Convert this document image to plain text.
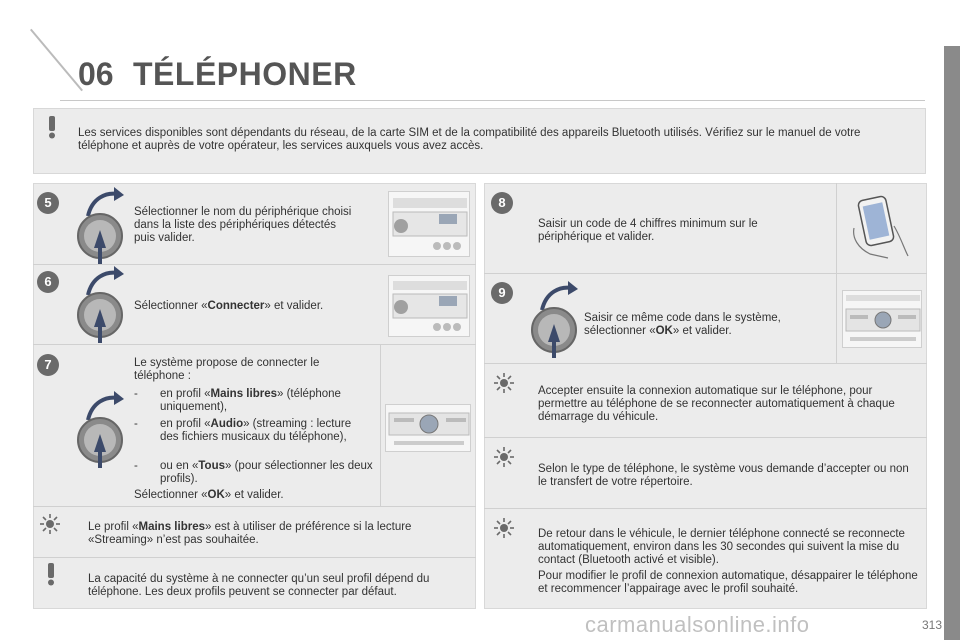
06 TÉLÉPHONER
Les services disponibles sont dépendants du réseau, de la carte SIM et de la compatibilité des appareils Bluetooth utilisés. Vérifiez sur le manuel de votre téléphone et auprès de votre opérateur, les services auxquels vous avez accès.
5
Sélectionner le nom du périphérique choisi dans la liste des périphériques détectés puis valider.
6
Sélectionner «Connecter» et valider.
7	Le système propose de connecter le téléphone :
- en profil «Mains libres» (téléphone uniquement),
- en profil «Audio» (streaming : lecture des fichiers musicaux du téléphone),
- ou en «Tous» (pour sélectionner les deux profils).
Sélectionner «OK» et valider.
Le profil «Mains libres» est à utiliser de préférence si la lecture «Streaming» n’est pas souhaitée.
La capacité du système à ne connecter qu’un seul profil dépend du téléphone. Les deux profils peuvent se connecter par défaut.
8
Saisir un code de 4 chiffres minimum sur le périphérique et valider.
9
Saisir ce même code dans le système, sélectionner «OK» et valider.
Accepter ensuite la connexion automatique sur le téléphone, pour permettre au téléphone de se reconnecter automatiquement à chaque démarrage du véhicule.
Selon le type de téléphone, le système vous demande d’accepter ou non le transfert de votre répertoire.
De retour dans le véhicule, le dernier téléphone connecté se reconnecte automatiquement, environ dans les 30 secondes qui suivent la mise du contact (Bluetooth activé et visible).
Pour modifier le profil de connexion automatique, désappairer le téléphone et recommencer l’appairage avec le profil souhaité.
carmanualsonline.info	313
